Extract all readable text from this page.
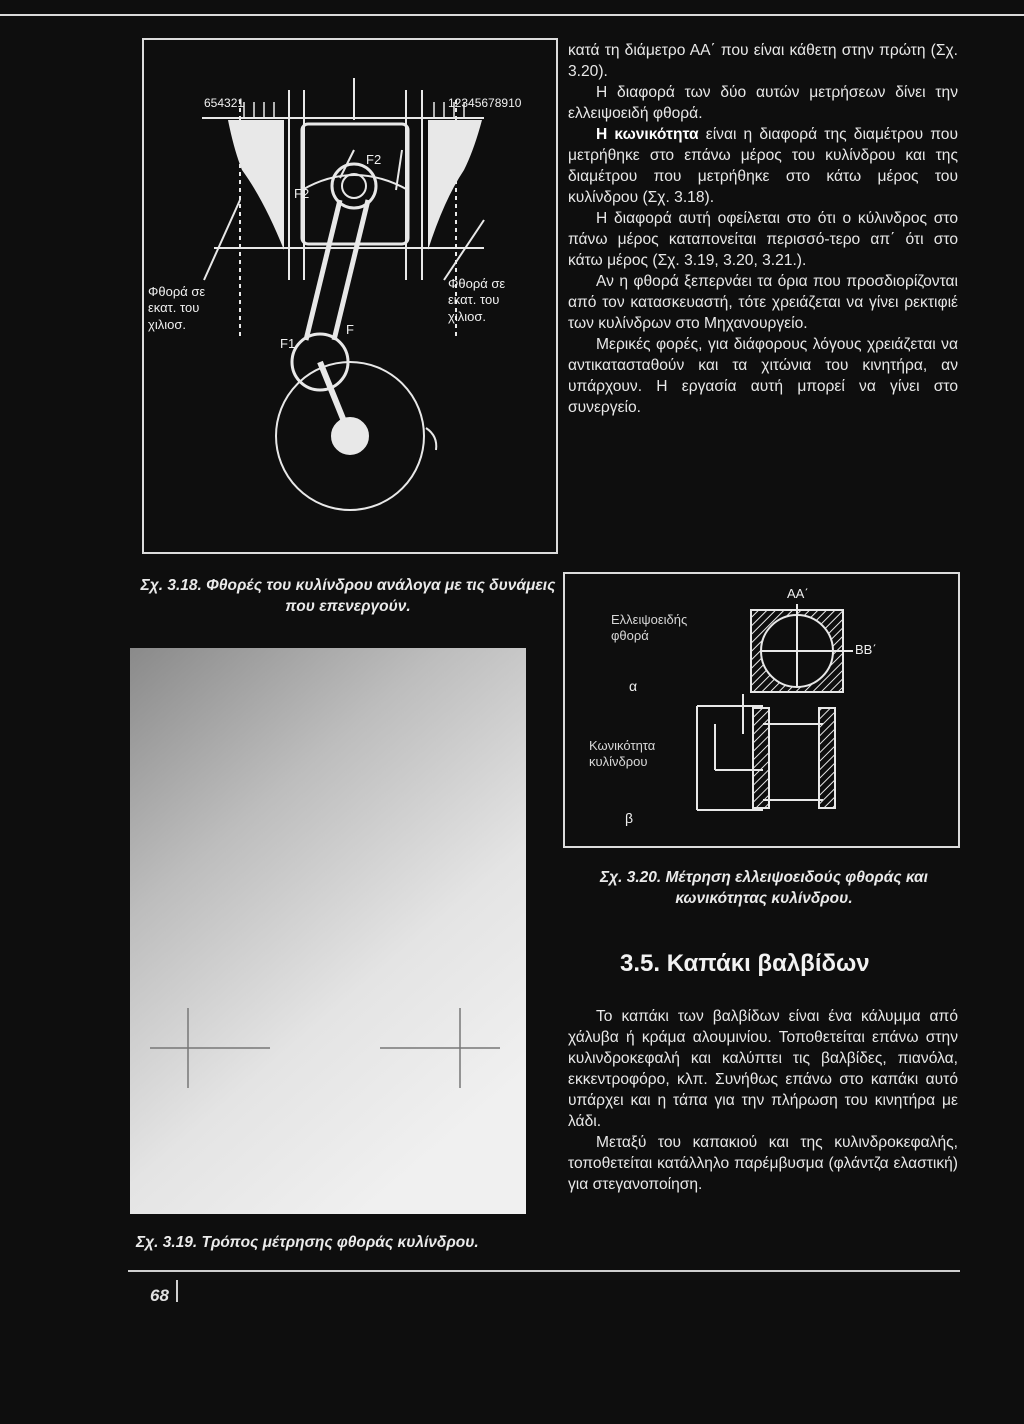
654321	12345678910
F2
F2
F1
F
Φθορά σε εκατ. του χιλιοσ.
Φθορά σε εκατ. του χιλιοσ.
Σχ. 3.18. Φθορές του κυλίνδρου ανάλογα με τις δυνάμεις που επενεργούν.
Σχ. 3.19. Τρόπος μέτρησης φθοράς κυλίνδρου.

κατά τη διάμετρο ΑΑ΄ που είναι κάθετη στην πρώτη (Σχ. 3.20).

Η διαφορά των δύο αυτών μετρήσεων δίνει την ελλειψοειδή φθορά.

Η κωνικότητα είναι η διαφορά της διαμέτρου που μετρήθηκε στο επάνω μέρος του κυλίνδρου και της διαμέτρου που μετρήθηκε στο κάτω μέρος του κυλίνδρου (Σχ. 3.18).

Η διαφορά αυτή οφείλεται στο ότι ο κύλινδρος στο πάνω μέρος καταπονείται περισσό-τερο απ΄ ότι στο κάτω μέρος (Σχ. 3.19, 3.20, 3.21.).

Αν η φθορά ξεπερνάει τα όρια που προσδιορίζονται από τον κατασκευαστή, τότε χρειάζεται να γίνει ρεκτιφιέ των κυλίνδρων στο Μηχανουργείο.

Μερικές φορές, για διάφορους λόγους χρειάζεται να αντικατασταθούν και τα χιτώνια του κινητήρα, αν υπάρχουν. Η εργασία αυτή μπορεί να γίνει στο συνεργείο.

Ελλειψοειδής φθορά
α
ΑΑ΄
ΒΒ΄
Κωνικότητα κυλίνδρου
β
Σχ. 3.20. Μέτρηση ελλειψοειδούς φθοράς και κωνικότητας κυλίνδρου.
3.5. Καπάκι βαλβίδων

Το καπάκι των βαλβίδων είναι ένα κάλυμμα από χάλυβα ή κράμα αλουμινίου. Τοποθετείται επάνω στην κυλινδροκεφαλή και καλύπτει τις βαλβίδες, πιανόλα, εκκεντροφόρο, κλπ. Συνήθως επάνω στο καπάκι αυτό υπάρχει και η τάπα για την πλήρωση του κινητήρα με λάδι.

Μεταξύ του καπακιού και της κυλινδροκεφαλής, τοποθετείται κατάλληλο παρέμβυσμα (φλάντζα ελαστική) για στεγανοποίηση.

68
